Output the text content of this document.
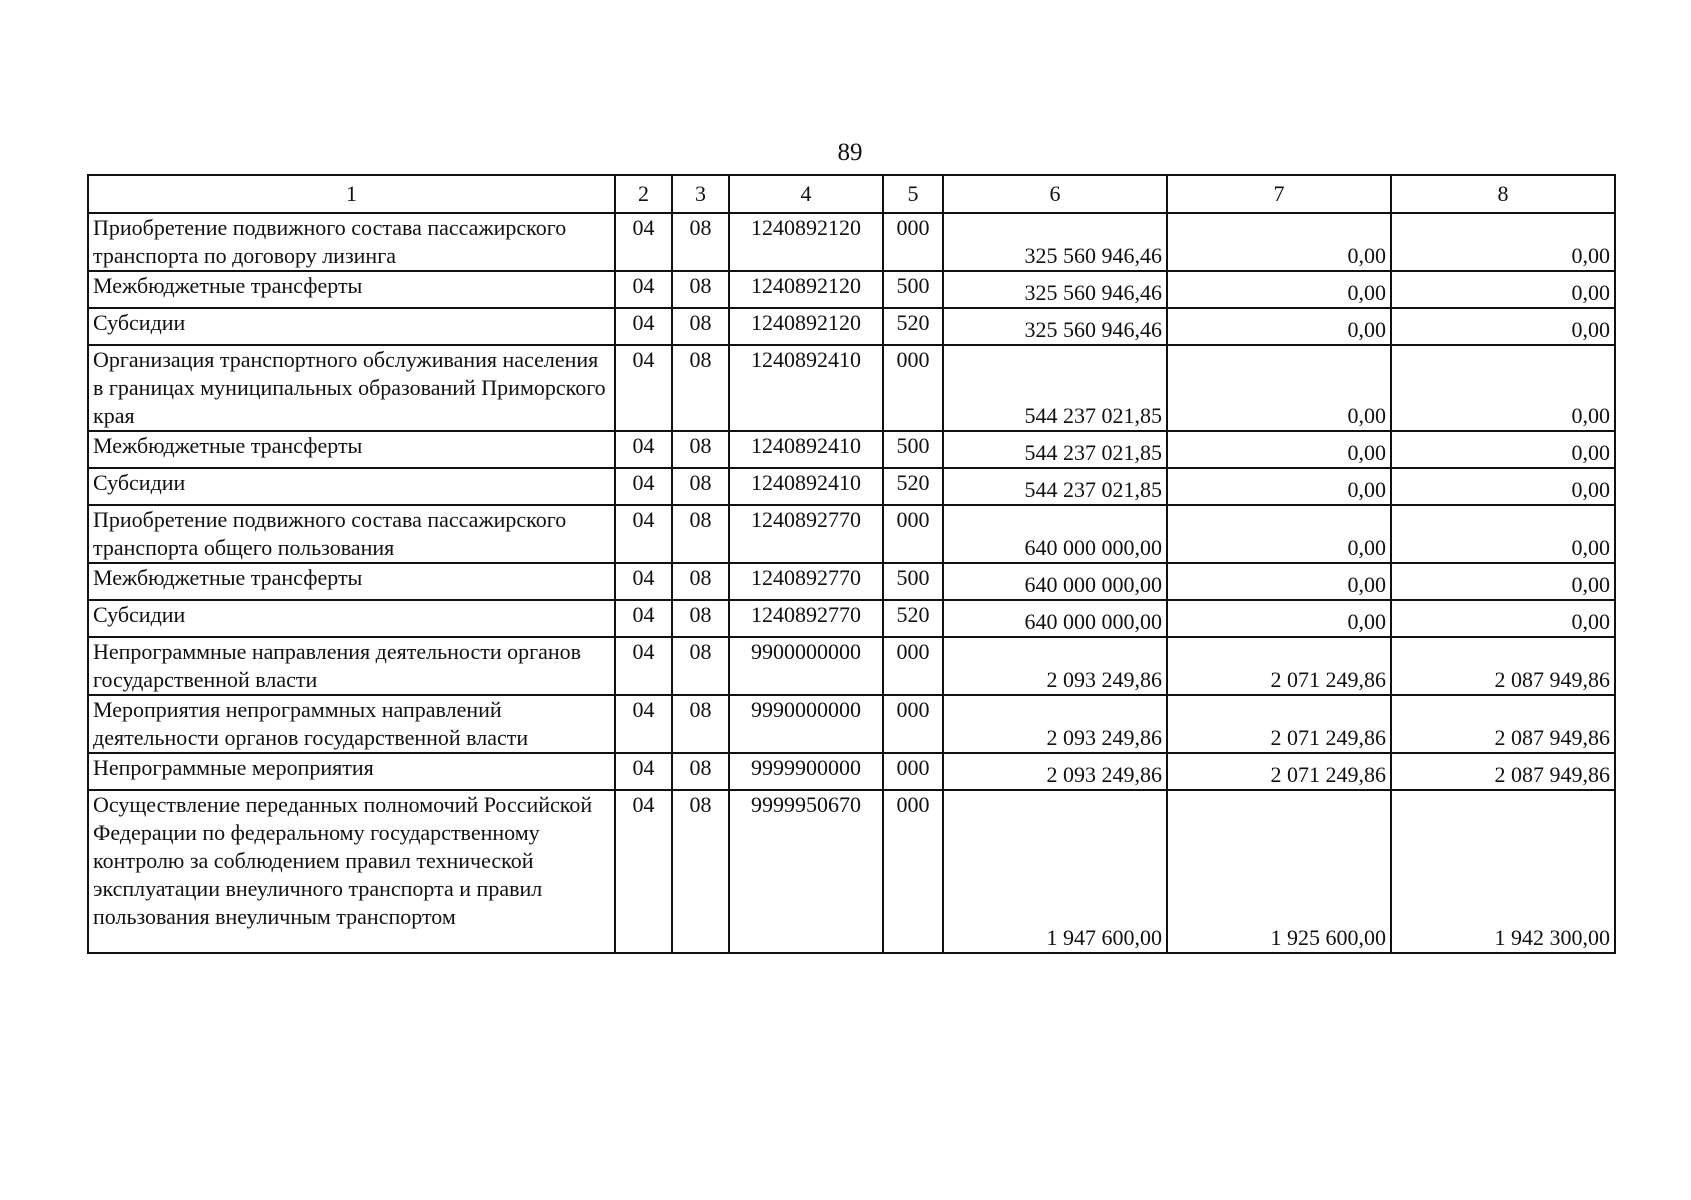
89
1	2	3	4	5	6	7	8
Приобретение подвижного состава пассажирского транспорта по договору лизинга	04	08	1240892120	000	325 560 946,46	0,00	0,00
Межбюджетные трансферты	04	08	1240892120	500	325 560 946,46	0,00	0,00
Субсидии	04	08	1240892120	520	325 560 946,46	0,00	0,00
Организация транспортного обслуживания населения в границах муниципальных образований Приморского края	04	08	1240892410	000	544 237 021,85	0,00	0,00
Межбюджетные трансферты	04	08	1240892410	500	544 237 021,85	0,00	0,00
Субсидии	04	08	1240892410	520	544 237 021,85	0,00	0,00
Приобретение подвижного состава пассажирского транспорта общего пользования	04	08	1240892770	000	640 000 000,00	0,00	0,00
Межбюджетные трансферты	04	08	1240892770	500	640 000 000,00	0,00	0,00
Субсидии	04	08	1240892770	520	640 000 000,00	0,00	0,00
Непрограммные направления деятельности органов государственной власти	04	08	9900000000	000	2 093 249,86	2 071 249,86	2 087 949,86
Мероприятия непрограммных направлений деятельности органов государственной власти	04	08	9990000000	000	2 093 249,86	2 071 249,86	2 087 949,86
Непрограммные мероприятия	04	08	9999900000	000	2 093 249,86	2 071 249,86	2 087 949,86
Осуществление переданных полномочий Российской Федерации по федеральному государственному контролю за соблюдением правил технической эксплуатации внеуличного транспорта и правил пользования внеуличным транспортом	04	08	9999950670	000	1 947 600,00	1 925 600,00	1 942 300,00
